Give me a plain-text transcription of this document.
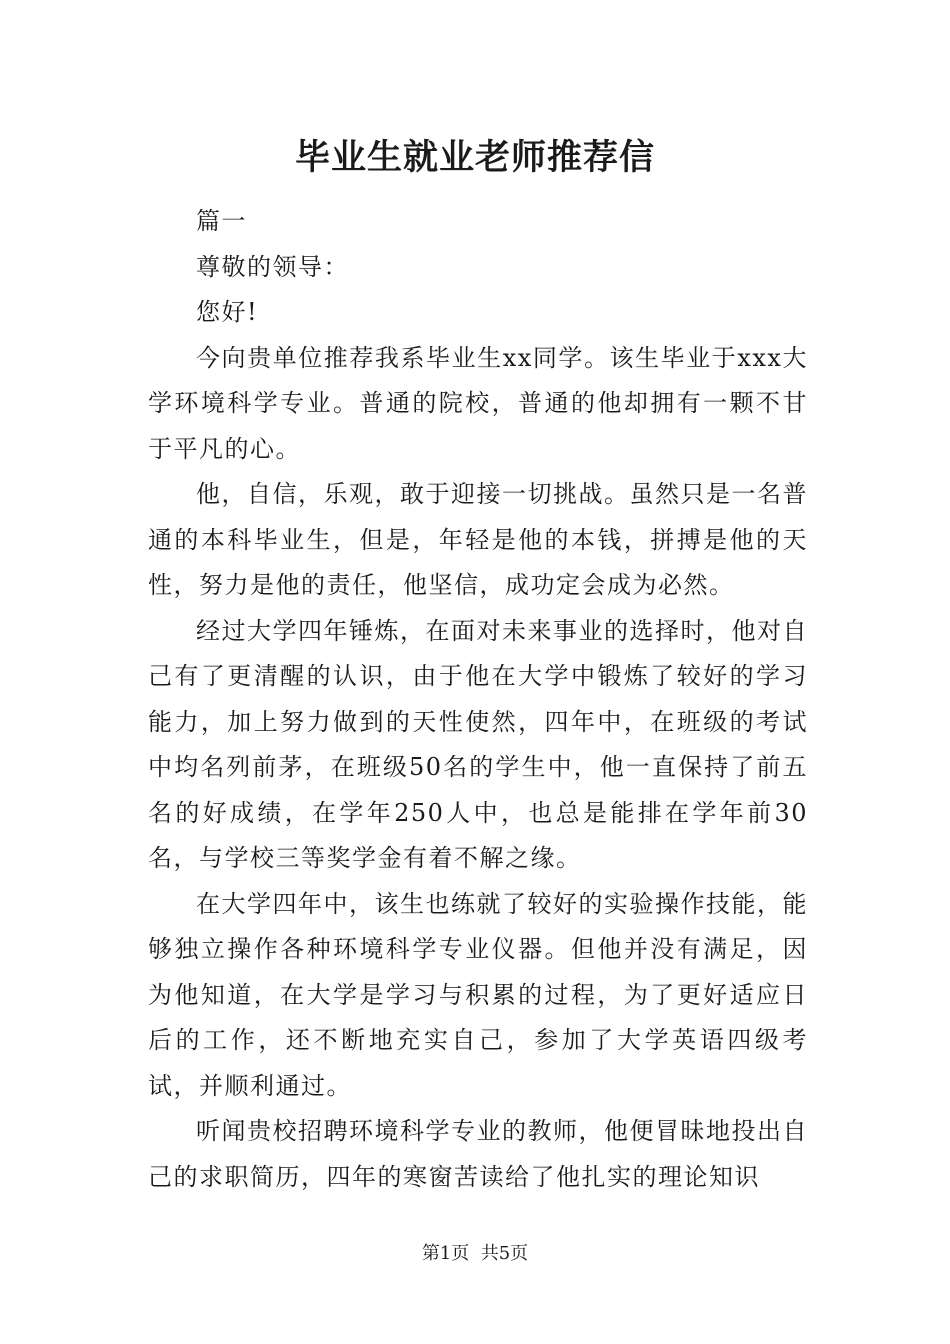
毕业生就业老师推荐信

篇一

尊敬的领导：

您好!

今向贵单位推荐我系毕业生xx同学。该生毕业于xxx大学环境科学专业。普通的院校，普通的他却拥有一颗不甘于平凡的心。

他，自信，乐观，敢于迎接一切挑战。虽然只是一名普通的本科毕业生，但是，年轻是他的本钱，拼搏是他的天性，努力是他的责任，他坚信，成功定会成为必然。

经过大学四年锤炼，在面对未来事业的选择时，他对自己有了更清醒的认识，由于他在大学中锻炼了较好的学习能力，加上努力做到的天性使然，四年中，在班级的考试中均名列前茅，在班级50名的学生中，他一直保持了前五名的好成绩，在学年250人中，也总是能排在学年前30名，与学校三等奖学金有着不解之缘。

在大学四年中，该生也练就了较好的实验操作技能，能够独立操作各种环境科学专业仪器。但他并没有满足，因为他知道，在大学是学习与积累的过程，为了更好适应日后的工作，还不断地充实自己，参加了大学英语四级考试，并顺利通过。

听闻贵校招聘环境科学专业的教师，他便冒昧地投出自己的求职简历，四年的寒窗苦读给了他扎实的理论知识

第1页  共5页
